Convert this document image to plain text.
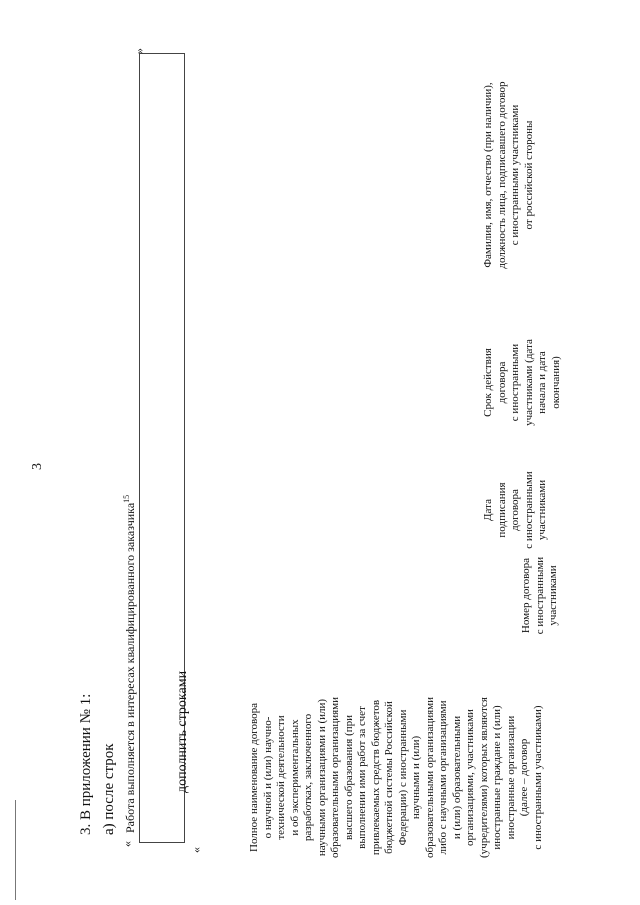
3
3. В приложении № 1: а) после строк
«
Работа выполняется в интересах квалифицированного заказчика$^{15}$
»
дополнить строками
«	Полное наименование договора о научной и (или) научно- технической деятельности и об экспериментальных разработках, заключенного научными организациями и (или) образовательными организациями высшего образования (при выполнении ими работ за счет привлекаемых средств бюджетов бюджетной системы Российской Федерации) с иностранными научными и (или) образовательными организациями либо с научными организациями и (или) образовательными организациями, участниками (учредителями) которых являются иностранные граждане и (или) иностранные организации (далее – договор с иностранными участниками)
Номер договора с иностранными участниками
Дата подписания договора с иностранными участниками
Срок действия договора с иностранными участниками (дата начала и дата окончания)
Фамилия, имя, отчество (при наличии), должность лица, подписавшего договор с иностранными участниками от российской стороны
